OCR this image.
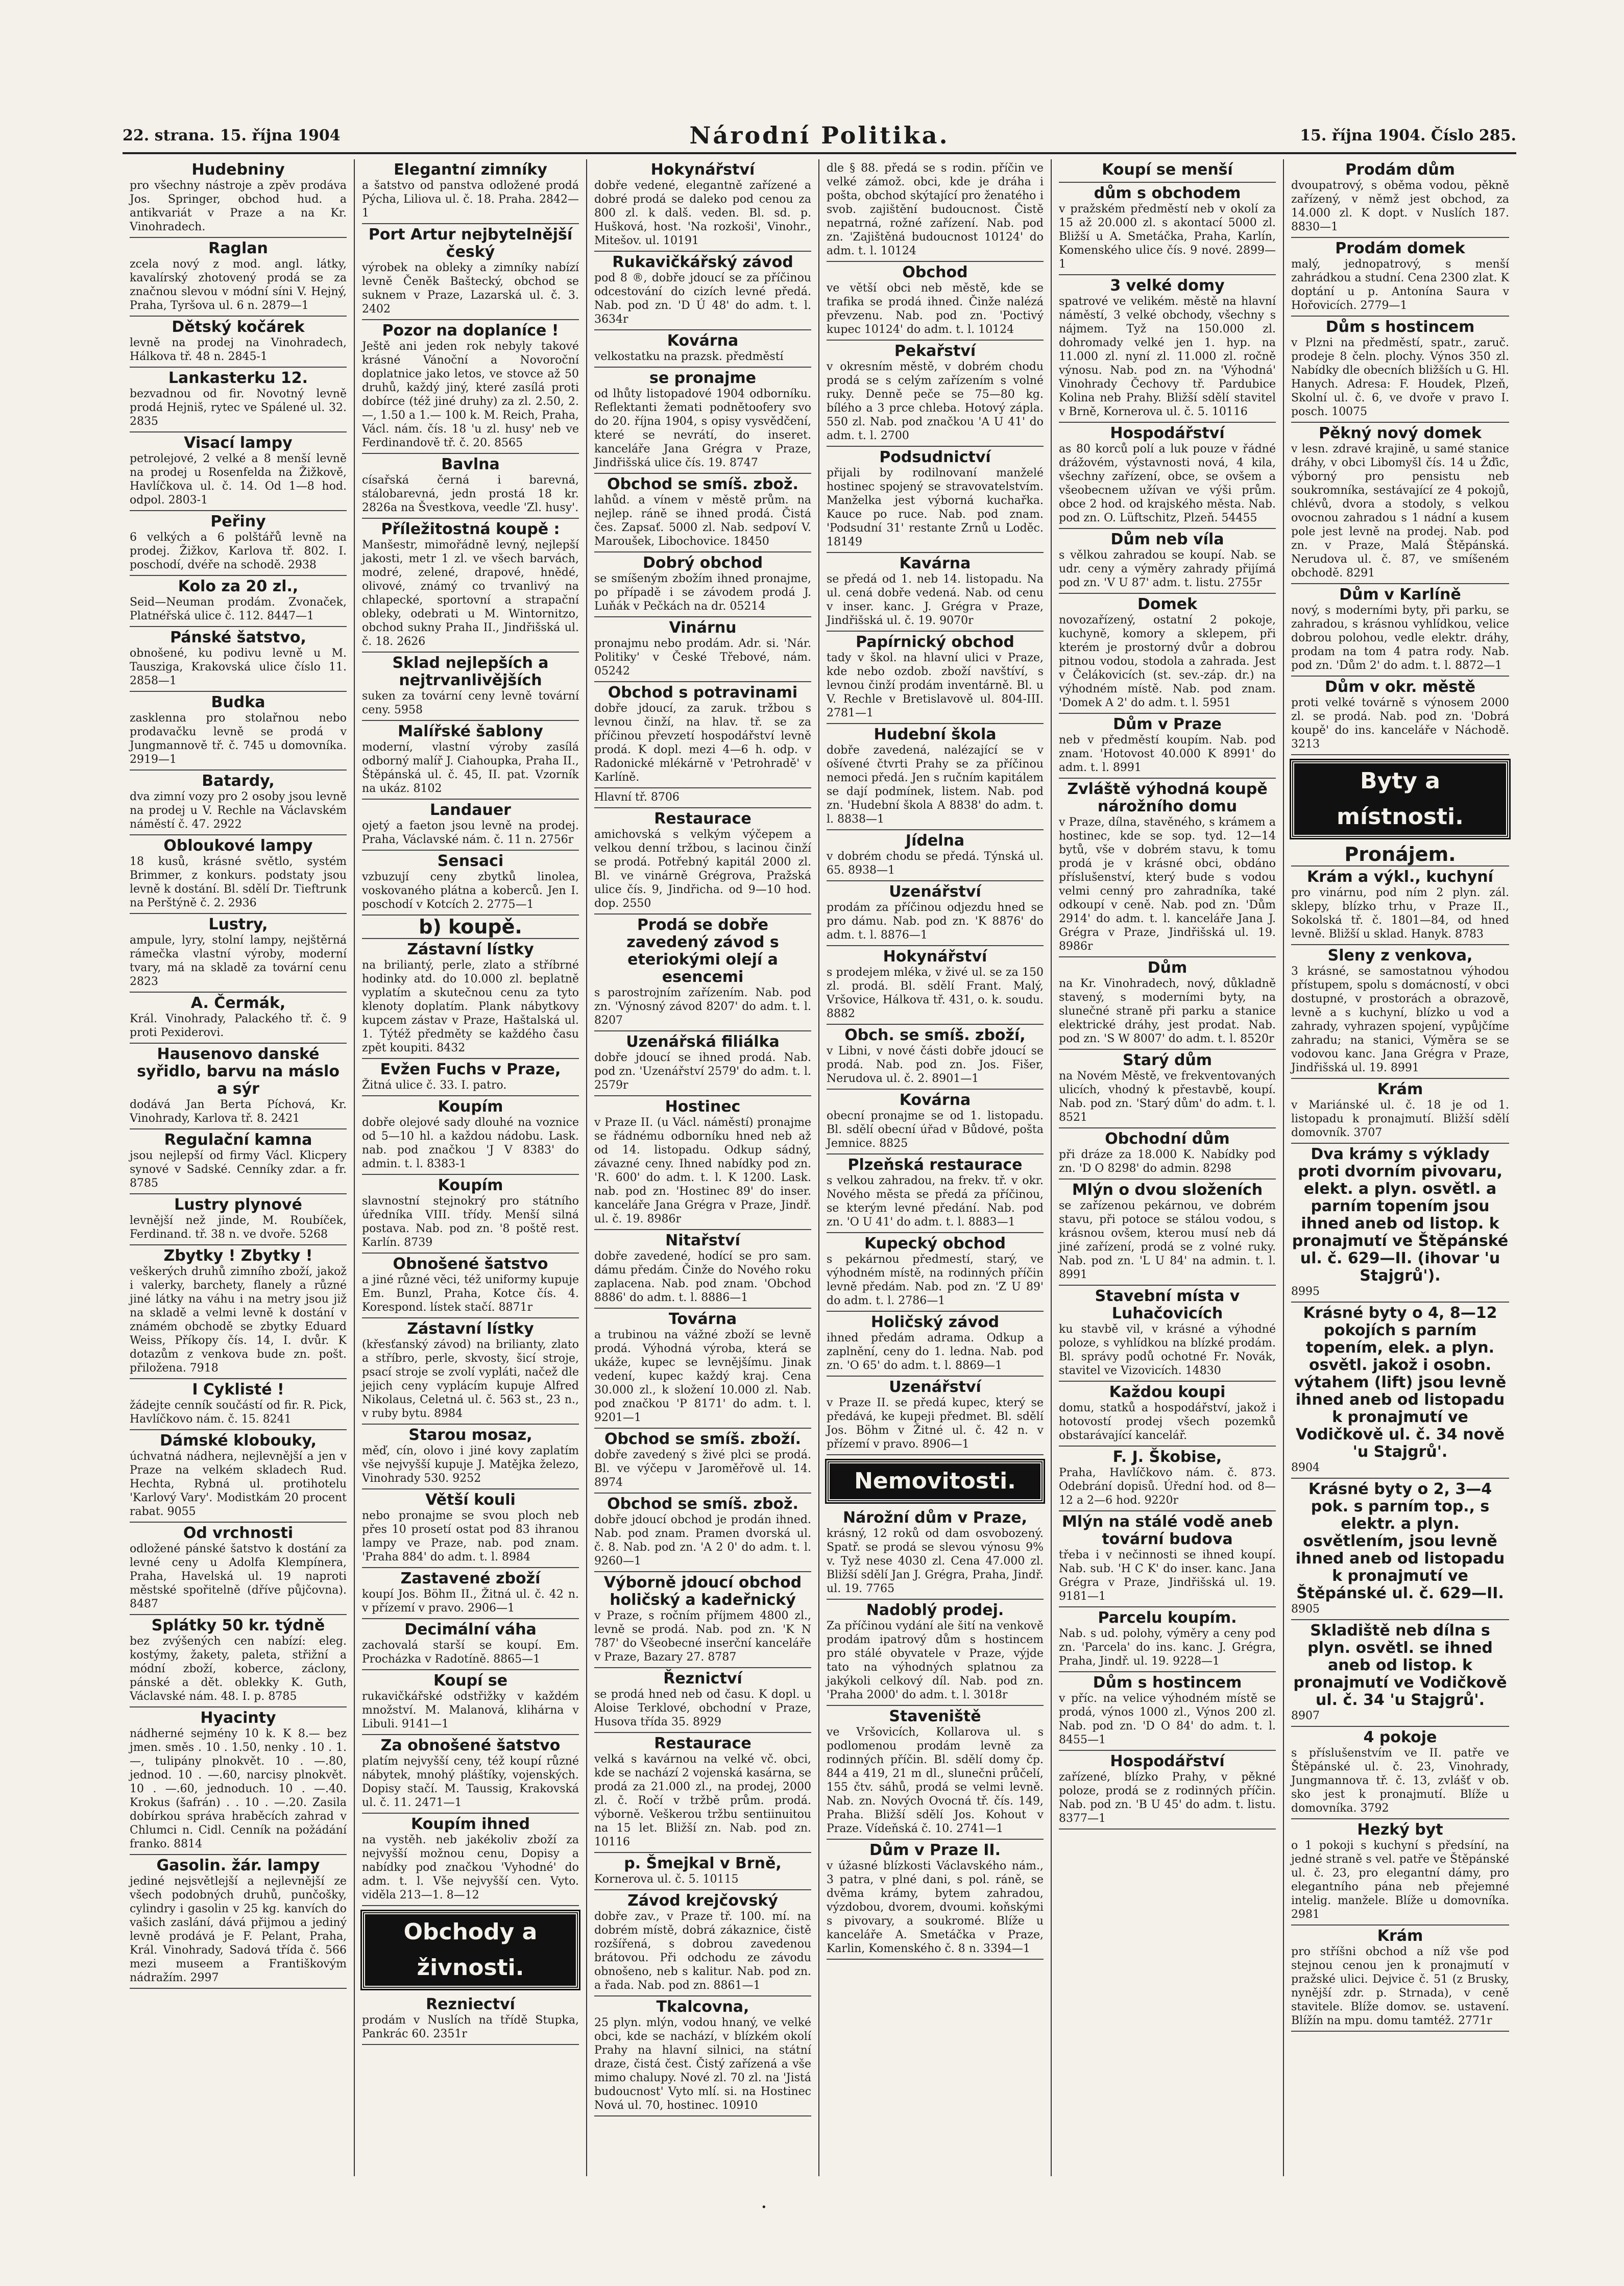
22. strana. 15. října 1904	Národní Politika.	15. října 1904. Číslo 285.
Hudebniny
pro všechny nástroje a zpěv prodáva Jos. Springer, obchod hud. a antikvariát v Praze a na Kr. Vinohradech.
Raglan
zcela nový z mod. angl. látky, kavalírský zhotovený prodá se za značnou slevou v módní síni V. Hejný, Praha, Tyršova ul. 6 n. 2879—1
Dětský kočárek
levně na prodej na Vinohradech, Hálkova tř. 48 n. 2845-1
Lankasterku 12.
bezvadnou od fir. Novotný levně prodá Hejniš, rytec ve Spálené ul. 32. 2835
Visací lampy
petrolejové, 2 velké a 8 menší levně na prodej u Rosenfelda na Žižkově, Havlíčkova ul. č. 14. Od 1—8 hod. odpol. 2803-1
Peřiny
6 velkých a 6 polštářů levně na prodej. Žižkov, Karlova tř. 802. I. poschodí, dvéře na schodě. 2938
Kolo za 20 zl.,
Seid—Neuman prodám. Zvonaček, Platnéřská ulice č. 112. 8447—1
Pánské šatstvo,
obnošené, ku podivu levně u M. Tausziga, Krakovská ulice číslo 11. 2858—1
Budka
zasklenna pro stolařnou nebo prodavačku levně se prodá v Jungmannově tř. č. 745 u domovníka. 2919—1
Batardy,
dva zimní vozy pro 2 osoby jsou levně na prodej u V. Rechle na Václavském náměstí č. 47. 2922
Obloukové lampy
18 kusů, krásné světlo, systém Brimmer, z konkurs. podstaty jsou levně k dostání. Bl. sdělí Dr. Tieftrunk na Perštýně č. 2. 2936
Lustry,
ampule, lyry, stolní lampy, nejštěrná rámečka vlastní výroby, moderní tvary, má na skladě za tovární cenu 2823
A. Čermák,
Král. Vinohrady, Palackého tř. č. 9 proti Pexiderovi.
Hausenovo danské syřidlo, barvu na máslo a sýr
dodává Jan Berta Píchová, Kr. Vinohrady, Karlova tř. 8. 2421
Regulační kamna
jsou nejlepší od firmy Václ. Klicpery synové v Sadské. Cenníky zdar. a fr. 8785
Lustry plynové
levnější než jinde, M. Roubíček, Ferdinand. tř. 38 n. ve dvoře. 5268
Zbytky ! Zbytky !
veškerých druhů zimního zboží, jakož i valerky, barchety, flanely a různé jiné látky na váhu i na metry jsou již na skladě a velmi levně k dostání v známém obchodě se zbytky Eduard Weiss, Příkopy čís. 14, I. dvůr. K dotazům z venkova bude zn. pošt. přiložena. 7918
I Cyklisté !
žádejte cenník součástí od fir. R. Pick, Havlíčkovo nám. č. 15. 8241
Dámské klobouky,
úchvatná nádhera, nejlevnější a jen v Praze na velkém skladech Rud. Hechta, Rybná ul. protihotelu 'Karlový Vary'. Modistkám 20 procent rabat. 9055
Od vrchnosti
odložené pánské šatstvo k dostání za levné ceny u Adolfa Klempínera, Praha, Havelská ul. 19 naproti městské spořitelně (dříve půjčovna). 8487
Splátky 50 kr. týdně
bez zvýšených cen nabízí: eleg. kostýmy, žakety, paleta, střižní a módní zboží, koberce, záclony, pánské a dět. oblekky K. Guth, Václavské nám. 48. I. p. 8785
Hyacinty
nádherné sejmény 10 k. K 8.— bez jmen. směs . 10 . 1.50, nenky . 10 . 1.—, tulipány plnokvět. 10 . —.80, jednod. 10 . —.60, narcisy plnokvět. 10 . —.60, jednoduch. 10 . —.40. Krokus (šafrán) . . 10 . —.20. Zasila dobírkou správa hraběcích zahrad v Chlumci n. Cidl. Cenník na požádání franko. 8814
Gasolin. žár. lampy
jediné nejsvětlejší a nejlevnější ze všech podobných druhů, punčošky, cylindry i gasolin v 25 kg. kanvích do vašich zaslání, dává přijmou a jediný levně prodává je F. Pelant, Praha, Král. Vinohrady, Sadová třída č. 566 mezi museem a Františkovým nádražím. 2997
Elegantní zimníky
a šatstvo od panstva odložené prodá Pýcha, Liliova ul. č. 18. Praha. 2842—1
Port Artur nejbytelnější český
výrobek na obleky a zimníky nabízí levně Čeněk Baštecký, obchod se suknem v Praze, Lazarská ul. č. 3. 2402
Pozor na doplaníce !
Ještě ani jeden rok nebyly takové krásné Vánoční a Novoroční doplatnice jako letos, ve stovce až 50 druhů, každý jiný, které zasílá proti dobírce (též jiné druhy) za zl. 2.50, 2.—, 1.50 a 1.— 100 k. M. Reich, Praha, Václ. nám. čís. 18 'u zl. husy' neb ve Ferdinandově tř. č. 20. 8565
Bavlna
císařská černá i barevná, stálobarevná, jedn prostá 18 kr. 2826a na Švestkova, veedle 'Zl. husy'.
Příležitostná koupě :
Manšestr, mimořádně levný, nejlepší jakosti, metr 1 zl. ve všech barvách, modré, zelené, drapové, hnědé, olivové, známý co trvanlivý na chlapecké, sportovní a strapační obleky, odebrati u M. Wintornitzo, obchod sukny Praha II., Jindřišská ul. č. 18. 2626
Sklad nejlepších a nejtrvanlivějších
suken za tovární ceny levně tovární ceny. 5958
Malířské šablony
moderní, vlastní výroby zasílá odborný malíř J. Ciahoupka, Praha II., Štěpánská ul. č. 45, II. pat. Vzorník na ukáz. 8102
Landauer
ojetý a faeton jsou levně na prodej. Praha, Václavské nám. č. 11 n. 2756r
Sensaci
vzbuzují ceny zbytků linolea, voskovaného plátna a koberců. Jen I. poschodí v Kotcích 2. 2775—1
b) koupě.
Zástavní lístky
na briliantý, perle, zlato a stříbrné hodinky atd. do 10.000 zl. beplatně vyplatím a skutečnou cenu za tyto klenoty doplatím. Plank nábytkovy kupcem zástav v Praze, Haštalská ul. 1. Týtéž předměty se každého času zpět koupiti. 8432
Evžen Fuchs v Praze,
Žitná ulice č. 33. I. patro.
Koupím
dobře olejové sady dlouhé na voznice od 5—10 hl. a každou nádobu. Lask. nab. pod značkou 'J V 8383' do admin. t. l. 8383-1
Koupím
slavnostní stejnokrý pro státního úředníka VIII. třídy. Menší silná postava. Nab. pod zn. '8 poště rest. Karlín. 8739
Obnošené šatstvo
a jiné různé věci, též uniformy kupuje Em. Bunzl, Praha, Kotce čís. 4. Korespond. lístek stačí. 8871r
Zástavní lístky
(křesťanský závod) na brilianty, zlato a stříbro, perle, skvosty, šicí stroje, psací stroje se zvolí vypláti, načež dle jejich ceny vyplácím kupuje Alfred Nikolaus, Celetná ul. č. 563 st., 23 n., v ruby bytu. 8984
Starou mosaz,
měď, cín, olovo i jiné kovy zaplatím vše nejvyšší kupuje J. Matějka železo, Vinohrady 530. 9252
Větší kouli
nebo pronajme se svou ploch neb přes 10 prosetí ostat pod 83 ihranou lampy ve Praze, nab. pod znam. 'Praha 884' do adm. t. l. 8984
Zastavené zboží
koupí Jos. Böhm II., Žitná ul. č. 42 n. v přízemí v pravo. 2906—1
Decimální váha
zachovalá starší se koupí. Em. Procházka v Radotíně. 8865—1
Koupí se
rukavičkářské odstřižky v každém množství. M. Malanová, klihárna v Libuli. 9141—1
Za obnošené šatstvo
platím nejvyšší ceny, též koupí různé nábytek, mnohý pláštíky, vojenských. Dopisy stačí. M. Taussig, Krakovská ul. č. 11. 2471—1
Koupím ihned
na vystěh. neb jakékoliv zboží za nejvyšší možnou cenu, Dopisy a nabídky pod značkou 'Vyhodné' do adm. t. l. Vše nejvyšší cen. Vyto. viděla 213—1. 8—12
Obchody a živnosti.
Rezniectví
prodám v Nuslích na třídě Stupka, Pankrác 60. 2351r
Hokynářství
dobře vedené, elegantně zařízené a dobré prodá se daleko pod cenou za 800 zl. k dalš. veden. Bl. sd. p. Hušková, host. 'Na rozkoši', Vinohr., Mitešov. ul. 10191
Rukavičkářský závod
pod 8 ®, dobře jdoucí se za příčinou odcestování do cizích levné předá. Nab. pod zn. 'D Ú 48' do adm. t. l. 3634r
Kovárna
velkostatku na prazsk. předměstí
se pronajme
od lhůty listopadové 1904 odborníku. Reflektanti žemati podnětoofery svo do 20. října 1904, s opisy vysvědčení, které se nevrátí, do inseret. kanceláře Jana Grégra v Praze, Jindřišská ulice čís. 19. 8747
Obchod se smíš. zbož.
lahůd. a vínem v městě prům. na nejlep. ráně se ihned prodá. Čistá čes. Zapsať. 5000 zl. Nab. sedpoví V. Maroušek, Libochovice. 18450
Dobrý obchod
se smíšeným zbožím ihned pronajme, po případě i se závodem prodá J. Luňák v Pečkách na dr. 05214
Vinárnu
pronajmu nebo prodám. Adr. si. 'Nár. Politiky' v České Třebové, nám. 05242
Obchod s potravinami
dobře jdoucí, za zaruk. tržbou s levnou činží, na hlav. tř. se za příčinou převzetí hospodářství levně prodá. K dopl. mezi 4—6 h. odp. v Radonické mlékárně v 'Petrohradě' v Karlíně.
Hlavní tř. 8706
Restaurace
amichovská s velkým výčepem a velkou denní tržbou, s lacinou činží se prodá. Potřebný kapitál 2000 zl. Bl. ve vinárně Grégrova, Pražská ulice čís. 9, Jindřicha. od 9—10 hod. dop. 2550
Prodá se dobře zavedený závod s eteriokými olejí a esencemi
s parostrojním zařízením. Nab. pod zn. 'Výnosný závod 8207' do adm. t. l. 8207
Uzenářská filiálka
dobře jdoucí se ihned prodá. Nab. pod zn. 'Uzenářství 2579' do adm. t. l. 2579r
Hostinec
v Praze II. (u Václ. náměstí) pronajme se řádnému odborníku hned neb až od 14. listopadu. Odkup sádný, závazné ceny. Ihned nabídky pod zn. 'R. 600' do adm. t. l. K 1200. Lask. nab. pod zn. 'Hostinec 89' do inser. kanceláře Jana Grégra v Praze, Jindř. ul. č. 19. 8986r
Nitařství
dobře zavedené, hodící se pro sam. dámu předám. Činže do Nového roku zaplacena. Nab. pod znam. 'Obchod 8886' do adm. t. l. 8886—1
Továrna
a trubinou na vážné zboží se levně prodá. Výhodná výroba, která se ukáže, kupec se levnějšímu. Jinak vedení, kupec každý kraj. Cena 30.000 zl., k složení 10.000 zl. Nab. pod značkou 'P 8171' do adm. t. l. 9201—1
Obchod se smíš. zboží.
dobře zavedený s živé plci se prodá. Bl. ve výčepu v Jaroměřově ul. 14. 8974
Obchod se smíš. zbož.
dobře jdoucí obchod je prodán ihned. Nab. pod znam. Pramen dvorská ul. č. 8. Nab. pod zn. 'A 2 0' do adm. t. l. 9260—1
Výborně jdoucí obchod holičský a kadeřnický
v Praze, s ročním příjmem 4800 zl., levně se prodá. Nab. pod zn. 'K N 787' do Všeobecné inserční kanceláře v Praze, Bazary 27. 8787
Řeznictví
se prodá hned neb od času. K dopl. u Aloise Terklové, obchodní v Praze, Husova třída 35. 8929
Restaurace
velká s kavárnou na velké vč. obci, kde se nachází 2 vojenská kasárna, se prodá za 21.000 zl., na prodej, 2000 zl. č. Ročí v tržbě prům. prodá. výborně. Veškerou tržbu sentiinuitou na 15 let. Bližší zn. Nab. pod zn. 10116
p. Šmejkal v Brně,
Kornerova ul. č. 5. 10115
Závod krejčovský
dobře zav., v Praze tř. 100. mí. na dobrém místě, dobrá zákaznice, čistě rozšířená, s dobrou zavedenou brátovou. Při odchodu ze závodu obnošeno, neb s kalitur. Nab. pod zn. a řada. Nab. pod zn. 8861—1
Tkalcovna,
25 plyn. mlýn, vodou hnaný, ve velké obci, kde se nachází, v blízkém okolí Prahy na hlavní silnici, na státní draze, čistá čest. Čistý zařízená a vše mimo chalupy. Nové zl. 70 zl. na 'Jistá budoucnost' Vyto mlí. si. na Hostinec Nová ul. 70, hostinec. 10910
dle § 88. předá se s rodin. příčin ve velké zámož. obci, kde je dráha i pošta, obchod skýtající pro ženatého i svob. zajištění budoucnost. Čistě nepatrná, rožné zařízení. Nab. pod zn. 'Zajištěná budoucnost 10124' do adm. t. l. 10124
Obchod
ve větší obci neb městě, kde se trafika se prodá ihned. Činže nalézá převzenu. Nab. pod zn. 'Poctivý kupec 10124' do adm. t. l. 10124
Pekařství
v okresním městě, v dobrém chodu prodá se s celým zařízením s volné ruky. Denně peče se 75—80 kg. bílého a 3 prce chleba. Hotový zápla. 550 zl. Nab. pod značkou 'A U 41' do adm. t. l. 2700
Podsudnictví
přijali by rodilnovaní manželé hostinec spojený se stravovatelstvím. Manželka jest výborná kuchařka. Kauce po ruce. Nab. pod znam. 'Podsudní 31' restante Zrnů u Loděc. 18149
Kavárna
se předá od 1. neb 14. listopadu. Na ul. cená dobře vedená. Nab. od cenu v inser. kanc. J. Grégra v Praze, Jindřišská ul. č. 19. 9070r
Papírnický obchod
tady v škol. na hlavní ulici v Praze, kde nebo ozdob. zboží navštíví, s levnou činží prodám inventárně. Bl. u V. Rechle v Bretislavově ul. 804-III. 2781—1
Hudební škola
dobře zavedená, nalézající se v ošívené čtvrti Prahy se za příčinou nemoci předá. Jen s ručním kapitálem se dají podmínek, listem. Nab. pod zn. 'Hudební škola A 8838' do adm. t. l. 8838—1
Jídelna
v dobrém chodu se předá. Týnská ul. 65. 8938—1
Uzenářství
prodám za příčinou odjezdu hned se pro dámu. Nab. pod zn. 'K 8876' do adm. t. l. 8876—1
Hokynářství
s prodejem mléka, v živé ul. se za 150 zl. prodá. Bl. sdělí Frant. Malý, Vršovice, Hálkova tř. 431, o. k. soudu. 8882
Obch. se smíš. zboží,
v Libni, v nové části dobře jdoucí se prodá. Nab. pod zn. Jos. Fišer, Nerudova ul. č. 2. 8901—1
Kovárna
obecní pronajme se od 1. listopadu. Bl. sdělí obecní úřad v Bůdové, pošta Jemnice. 8825
Plzeňská restaurace
s velkou zahradou, na frekv. tř. v okr. Nového města se předá za příčinou, se kterým levné předání. Nab. pod zn. 'O U 41' do adm. t. l. 8883—1
Kupecký obchod
s pekárnou předmestí, starý, ve výhodném místě, na rodinných příčin levně předám. Nab. pod zn. 'Z U 89' do adm. t. l. 2786—1
Holičský závod
ihned předám adrama. Odkup a zaplnění, ceny do 1. ledna. Nab. pod zn. 'O 65' do adm. t. l. 8869—1
Uzenářství
v Praze II. se předá kupec, který se předává, ke kupeji předmet. Bl. sdělí Jos. Böhm v Žitné ul. č. 42 n. v přízemí v pravo. 8906—1
Nemovitosti.
Nárožní dům v Praze,
krásný, 12 roků od dam osvobozený. Spatř. se prodá se slevou výnosu 9% v. Tyž nese 4030 zl. Cena 47.000 zl. Bližší sdělí Jan J. Grégra, Praha, Jindř. ul. 19. 7765
Nadoblý prodej.
Za příčinou vydání ale šití na venkově prodám ipatrový dům s hostincem pro stálé obyvatele v Praze, výjde tato na výhodných splatnou za jakýkoli celkový díl. Nab. pod zn. 'Praha 2000' do adm. t. l. 3018r
Staveniště
ve Vršovicích, Kollarova ul. s podlomenou prodám levně za rodinných příčin. Bl. sdělí domy čp. 844 a 419, 21 m dl., slunečni průčelí, 155 čtv. sáhů, prodá se velmi levně. Nab. zn. Nových Ovocná tř. čís. 149, Praha. Bližší sdělí Jos. Kohout v Praze. Vídeňská č. 10. 2741—1
Dům v Praze II.
v úžasné blízkosti Václavského nám., 3 patra, v plné dani, s pol. ráně, se dvěma krámy, bytem zahradou, výzdobou, dvorem, dvoumi. koňskými s pivovary, a soukromé. Blíže u kanceláře A. Smetáčka v Praze, Karlin, Komenského č. 8 n. 3394—1
Koupí se menší
dům s obchodem
v pražském předměstí neb v okolí za 15 až 20.000 zl. s akontací 5000 zl. Bližší u A. Smetáčka, Praha, Karlín, Komenského ulice čís. 9 nové. 2899—1
3 velké domy
spatrové ve velikém. městě na hlavní náměstí, 3 velké obchody, všechny s nájmem. Tyž na 150.000 zl. dohromady velké jen 1. hyp. na 11.000 zl. nyní zl. 11.000 zl. ročně výnosu. Nab. pod zn. na 'Výhodná' Vinohrady Čechovy tř. Pardubice Kolina neb Prahy. Bližší sdělí stavitel v Brně, Kornerova ul. č. 5. 10116
Hospodářství
as 80 korců polí a luk pouze v řádné drážovém, výstavnosti nová, 4 kila, všechny zařízení, obce, se ovšem a všeobecnem užívan ve výši prům. obce 2 hod. od krajského města. Nab. pod zn. O. Lüftschitz, Plzeň. 54455
Dům neb víla
s vělkou zahradou se koupí. Nab. se udr. ceny a výměry zahrady přijímá pod zn. 'V U 87' adm. t. listu. 2755r
Domek
novozařízený, ostatní 2 pokoje, kuchyně, komory a sklepem, při kterém je prostorný dvůr a dobrou pitnou vodou, stodola a zahrada. Jest v Čelákovicích (st. sev.-záp. dr.) na výhodném místě. Nab. pod znam. 'Domek A 2' do adm. t. l. 5951
Dům v Praze
neb v předměstí koupím. Nab. pod znam. 'Hotovost 40.000 K 8991' do adm. t. l. 8991
Zvláště výhodná koupě nárožního domu
v Praze, dílna, stavěného, s krámem a hostinec, kde se sop. tyd. 12—14 bytů, vše v dobrém stavu, k tomu prodá je v krásné obci, obdáno příslušenství, který bude s vodou velmi cenný pro zahradníka, také odkoupí v ceně. Nab. pod zn. 'Dům 2914' do adm. t. l. kanceláře Jana J. Grégra v Praze, Jindřišská ul. 19. 8986r
Dům
na Kr. Vinohradech, nový, důkladně stavený, s moderními byty, na slunečné straně při parku a stanice elektrické dráhy, jest prodat. Nab. pod zn. 'S W 8007' do adm. t. l. 8520r
Starý dům
na Novém Městě, ve frekventovaných ulicích, vhodný k přestavbě, koupí. Nab. pod zn. 'Starý dům' do adm. t. l. 8521
Obchodní dům
při dráze za 18.000 K. Nabídky pod zn. 'D O 8298' do admin. 8298
Mlýn o dvou složeních
se zařízenou pekárnou, ve dobrém stavu, při potoce se stálou vodou, s krásnou ovšem, kterou musí neb dá jiné zařízení, prodá se z volné ruky. Nab. pod zn. 'L U 84' na admin. t. l. 8991
Stavební místa v Luhačovicích
ku stavbě vil, v krásné a výhodné poloze, s vyhlídkou na blízké prodám. Bl. správy podů ochotné Fr. Novák, stavitel ve Vizovicích. 14830
Každou koupi
domu, statků a hospodářství, jakož i hotovostí prodej všech pozemků obstarávající kancelář.
F. J. Škobise,
Praha, Havlíčkovo nám. č. 873. Odebrání dopisů. Úřední hod. od 8—12 a 2—6 hod. 9220r
Mlýn na stálé vodě aneb tovární budova
třeba i v nečinnosti se ihned koupí. Nab. sub. 'H C K' do inser. kanc. Jana Grégra v Praze, Jindřišská ul. 19. 9181—1
Parcelu koupím.
Nab. s ud. polohy, výměry a ceny pod zn. 'Parcela' do ins. kanc. J. Grégra, Praha, Jindř. ul. 19. 9228—1
Dům s hostincem
v příc. na velice výhodném místě se prodá, výnos 1000 zl., Výnos 200 zl. Nab. pod zn. 'D O 84' do adm. t. l. 8455—1
Hospodářství
zařízené, blízko Prahy, v pěkné poloze, prodá se z rodinných příčin. Nab. pod zn. 'B U 45' do adm. t. listu. 8377—1
Prodám dům
dvoupatrový, s oběma vodou, pěkně zařízený, v němž jest obchod, za 14.000 zl. K dopt. v Nuslích 187. 8830—1
Prodám domek
malý, jednopatrový, s menší zahrádkou a studní. Cena 2300 zlat. K doptání u p. Antonína Saura v Hořovicích. 2779—1
Dům s hostincem
v Plzni na předměstí, spatr., zaruč. prodeje 8 čeln. plochy. Výnos 350 zl. Nabídky dle obecních bližších u G. Hl. Hanych. Adresa: F. Houdek, Plzeň, Skolní ul. č. 6, ve dvoře v pravo I. posch. 10075
Pěkný nový domek
v lesn. zdravé krajině, u samé stanice dráhy, v obci Libomyšl čís. 14 u Žďic, výborný pro pensistu neb soukromníka, sestávající ze 4 pokojů, chlévů, dvora a stodoly, s velkou ovocnou zahradou s 1 nádní a kusem pole jest levně na prodej. Nab. pod zn. v Praze, Malá Štěpánská. Nerudova ul. č. 87, ve smíšeném obchodě. 8291
Dům v Karlíně
nový, s moderními byty, při parku, se zahradou, s krásnou vyhlídkou, velice dobrou polohou, vedle elektr. dráhy, prodam na tom 4 patra rody. Nab. pod zn. 'Dům 2' do adm. t. l. 8872—1
Dům v okr. městě
proti velké továrně s výnosem 2000 zl. se prodá. Nab. pod zn. 'Dobrá koupě' do ins. kanceláře v Náchodě. 3213
Byty a místnosti.
Pronájem.
Krám a výkl., kuchyní
pro vinárnu, pod ním 2 plyn. zál. sklepy, blízko trhu, v Praze II., Sokolská tř. č. 1801—84, od hned levně. Bližší u sklad. Hanyk. 8783
Sleny z venkova,
3 krásné, se samostatnou výhodou přístupem, spolu s domácností, v obci dostupné, v prostorách a obrazově, levně a s kuchyní, blízko u vod a zahrady, vyhrazen spojení, vypůjčíme zahradu; na stanici, Výměra se se vodovou kanc. Jana Grégra v Praze, Jindřišská ul. 19. 8991
Krám
v Mariánské ul. č. 18 je od 1. listopadu k pronajmutí. Bližší sdělí domovník. 3707
Dva krámy s výklady proti dvorním pivovaru, elekt. a plyn. osvětl. a parním topením jsou ihned aneb od listop. k pronajmutí ve Štěpánské ul. č. 629—II. (ihovar 'u Stajgrů').
8995
Krásné byty o 4, 8—12 pokojích s parním topením, elek. a plyn. osvětl. jakož i osobn. výtahem (lift) jsou levně ihned aneb od listopadu k pronajmutí ve Vodičkově ul. č. 34 nově 'u Stajgrů'.
8904
Krásné byty o 2, 3—4 pok. s parním top., s elektr. a plyn. osvětlením, jsou levně ihned aneb od listopadu k pronajmutí ve Štěpánské ul. č. 629—II.
8905
Skladiště neb dílna s plyn. osvětl. se ihned aneb od listop. k pronajmutí ve Vodičkově ul. č. 34 'u Stajgrů'.
8907
4 pokoje
s příslušenstvím ve II. patře ve Štěpánské ul. č. 23, Vinohrady, Jungmannova tř. č. 13, zvlášť v ob. sko jest k pronajmutí. Blíže u domovníka. 3792
Hezký byt
o 1 pokoji s kuchyní s předsíní, na jedné straně s vel. patře ve Štěpánské ul. č. 23, pro elegantní dámy, pro elegantního pána neb přejemné intelig. manžele. Blíže u domovníka. 2981
Krám
pro stříšni obchod a níž vše pod stejnou cenou jen k pronajmutí v pražské ulici. Dejvice č. 51 (z Brusky, nynější zdr. p. Strnada), v ceně stavitele. Blíže domov. se. ustavení. Blížín na mpu. domu tamtéž. 2771r
·
